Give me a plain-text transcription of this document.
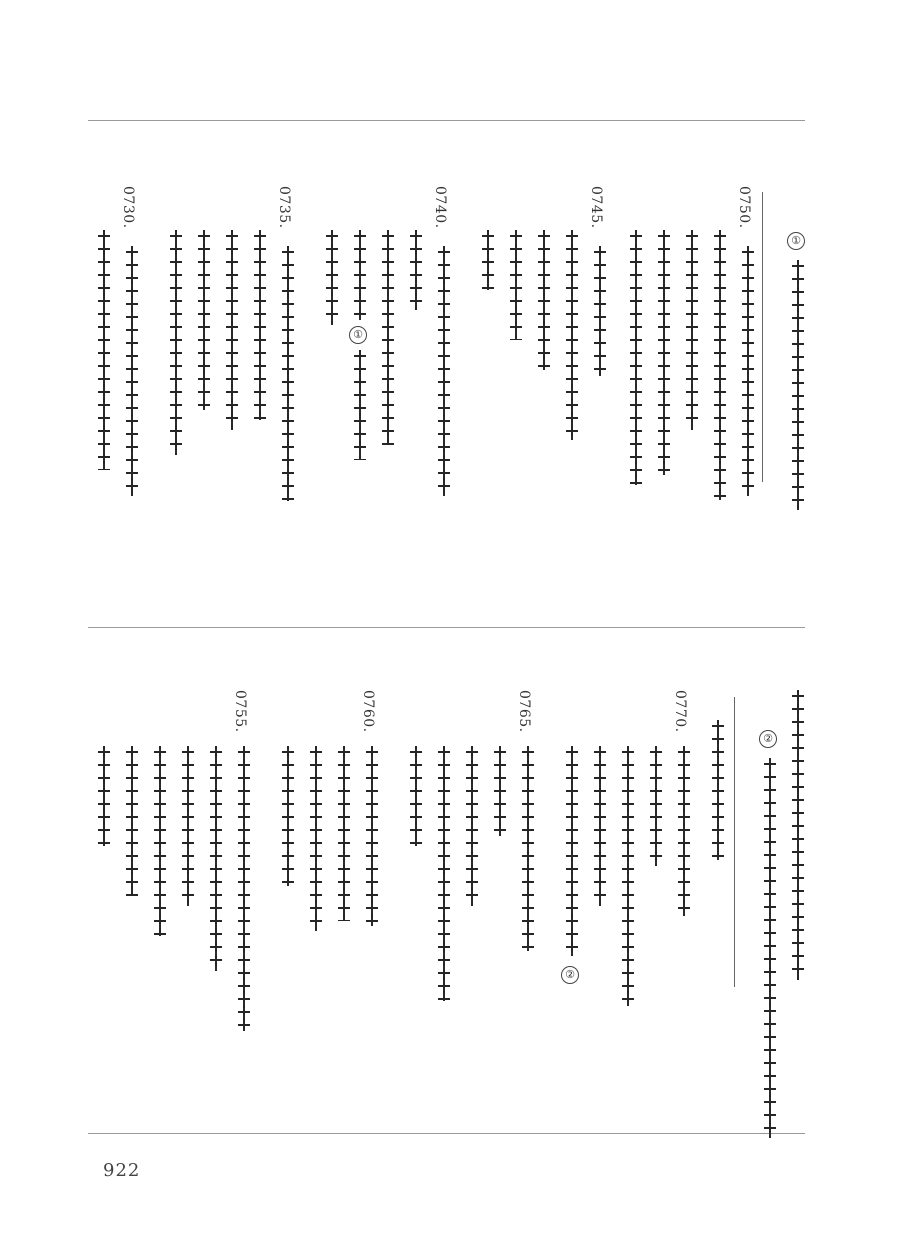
①
0750.
0745.
0740.
①
0735.
0730.
②
0770.
②
0765.
0760.
0755.
922
